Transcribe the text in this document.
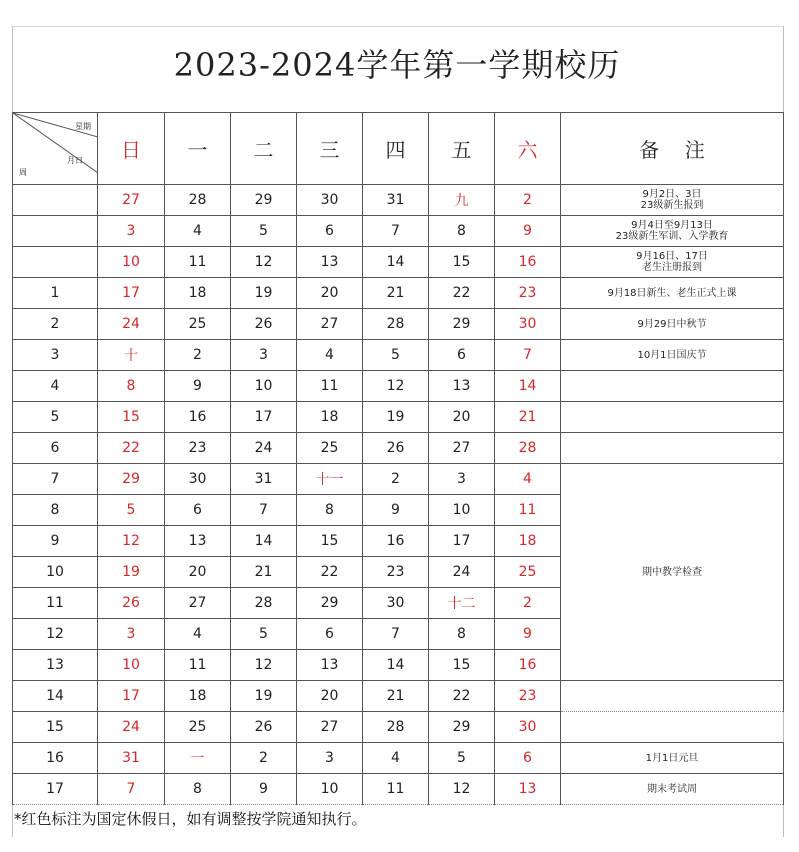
2023-2024学年第一学期校历
星期
月日
周	日	一	二	三	四	五	六	备    注
	27	28	29	30	31	九	2	9月2日、3日
23级新生报到

	3	4	5	6	7	8	9	9月4日至9月13日
23级新生军训、入学教育

	10	11	12	13	14	15	16	9月16日、17日
老生注册报到

1	17	18	19	20	21	22	23	9月18日新生、老生正式上课

2	24	25	26	27	28	29	30	9月29日中秋节

3	十	2	3	4	5	6	7	10月1日国庆节

4	8	9	10	11	12	13	14	
5	15	16	17	18	19	20	21	
6	22	23	24	25	26	27	28	
7	29	30	31	十一	2	3	4	期中教学检查

8	5	6	7	8	9	10	11	
9	12	13	14	15	16	17	18	
10	19	20	21	22	23	24	25	
11	26	27	28	29	30	十二	2	
12	3	4	5	6	7	8	9	
13	10	11	12	13	14	15	16	
14	17	18	19	20	21	22	23	
15	24	25	26	27	28	29	30	
16	31	一	2	3	4	5	6	1月1日元旦

17	7	8	9	10	11	12	13	期末考试周
*红色标注为国定休假日，如有调整按学院通知执行。
